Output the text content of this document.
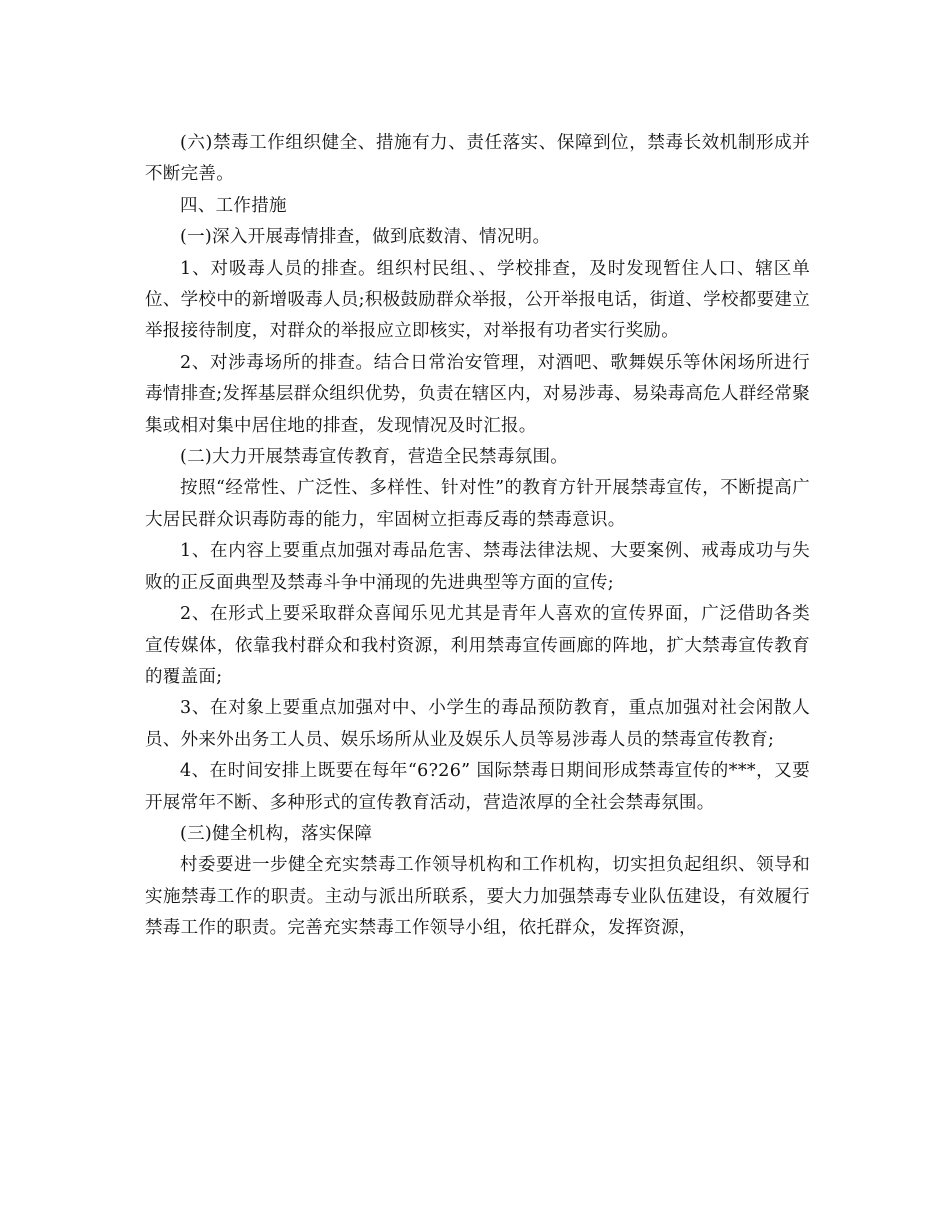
(六)禁毒工作组织健全、措施有力、责任落实、保障到位，禁毒长效机制形成并不断完善。

四、工作措施

(一)深入开展毒情排查，做到底数清、情况明。

1、对吸毒人员的排查。组织村民组、、学校排查，及时发现暂住人口、辖区单位、学校中的新增吸毒人员;积极鼓励群众举报，公开举报电话，街道、学校都要建立举报接待制度，对群众的举报应立即核实，对举报有功者实行奖励。

2、对涉毒场所的排查。结合日常治安管理，对酒吧、歌舞娱乐等休闲场所进行毒情排查;发挥基层群众组织优势，负责在辖区内，对易涉毒、易染毒高危人群经常聚集或相对集中居住地的排查，发现情况及时汇报。

(二)大力开展禁毒宣传教育，营造全民禁毒氛围。

按照“经常性、广泛性、多样性、针对性”的教育方针开展禁毒宣传，不断提高广大居民群众识毒防毒的能力，牢固树立拒毒反毒的禁毒意识。

1、在内容上要重点加强对毒品危害、禁毒法律法规、大要案例、戒毒成功与失败的正反面典型及禁毒斗争中涌现的先进典型等方面的宣传;

2、在形式上要采取群众喜闻乐见尤其是青年人喜欢的宣传界面，广泛借助各类宣传媒体，依靠我村群众和我村资源，利用禁毒宣传画廊的阵地，扩大禁毒宣传教育的覆盖面;

3、在对象上要重点加强对中、小学生的毒品预防教育，重点加强对社会闲散人员、外来外出务工人员、娱乐场所从业及娱乐人员等易涉毒人员的禁毒宣传教育;

4、在时间安排上既要在每年“6?26” 国际禁毒日期间形成禁毒宣传的***，又要开展常年不断、多种形式的宣传教育活动，营造浓厚的全社会禁毒氛围。

(三)健全机构，落实保障

村委要进一步健全充实禁毒工作领导机构和工作机构，切实担负起组织、领导和实施禁毒工作的职责。主动与派出所联系，要大力加强禁毒专业队伍建设，有效履行禁毒工作的职责。完善充实禁毒工作领导小组，依托群众，发挥资源，
